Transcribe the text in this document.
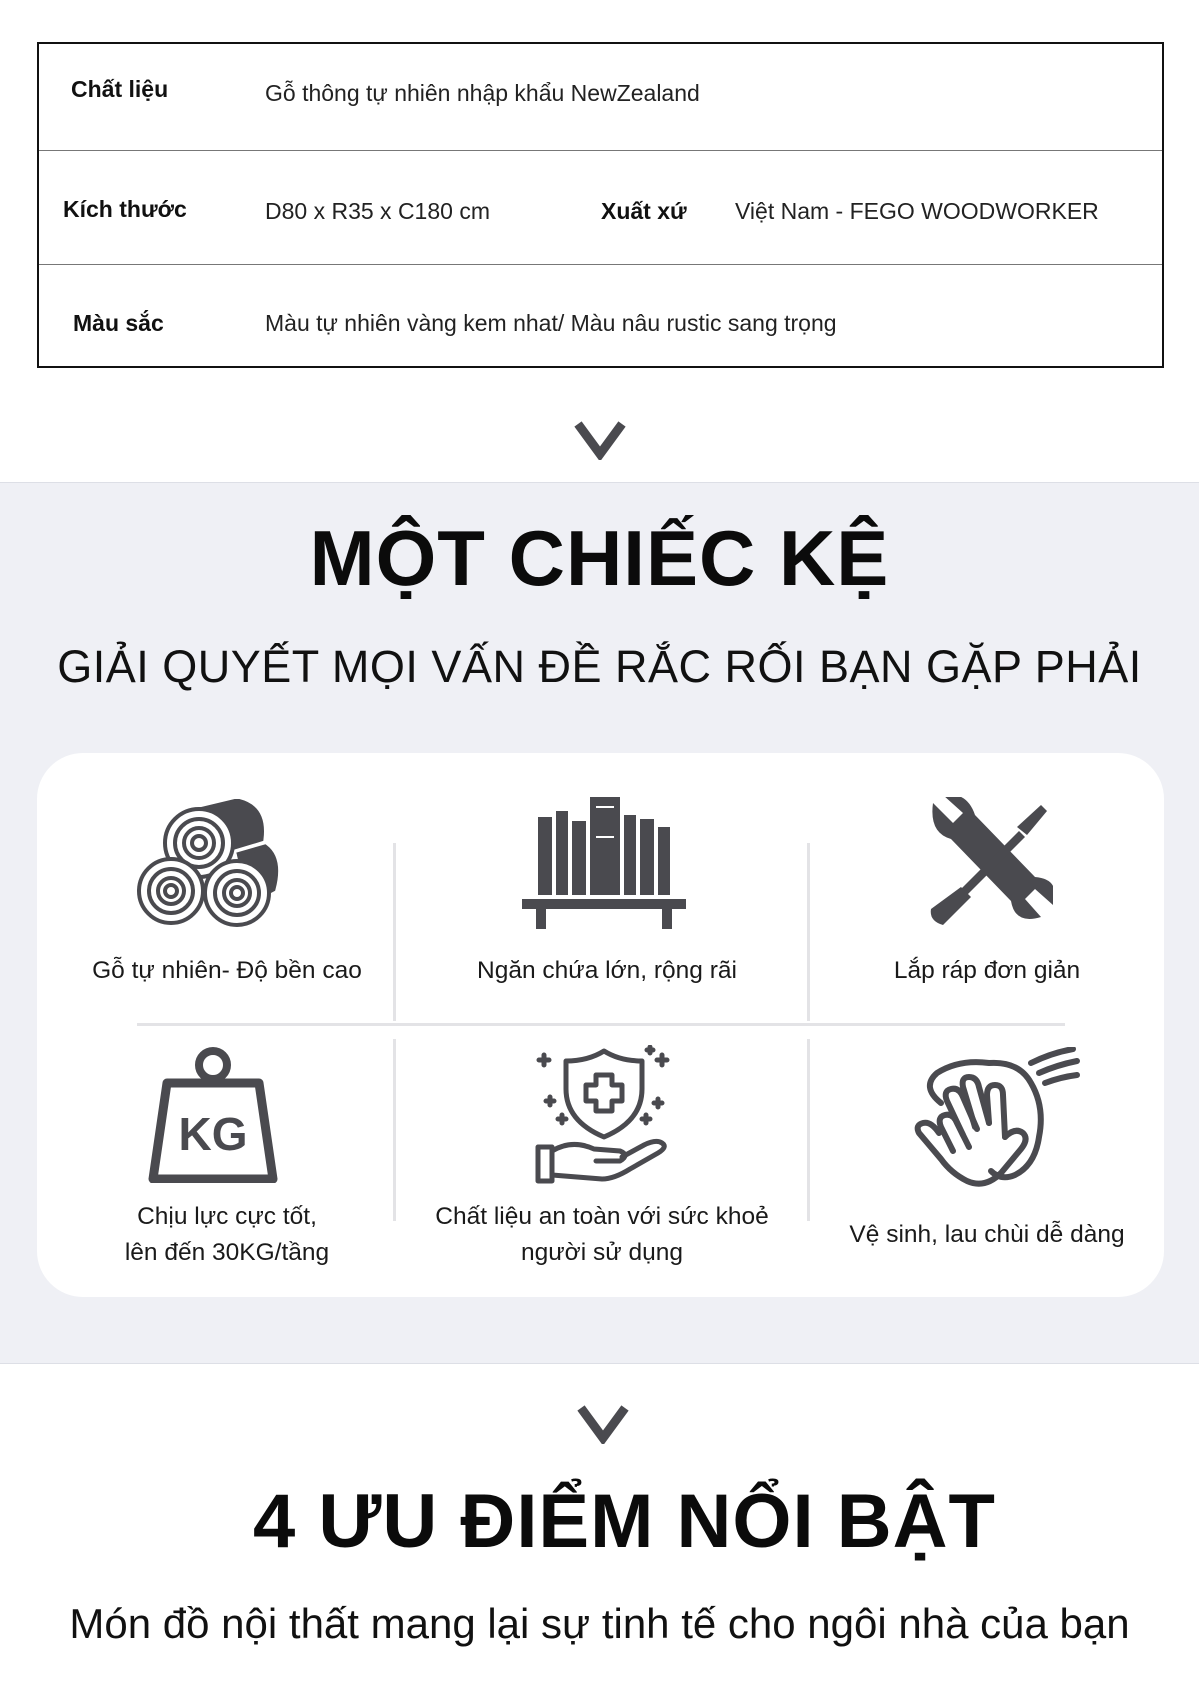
Chất liệu	Gỗ thông tự nhiên nhập khẩu NewZealand
Kích thước	D80 x R35 x C180 cm	Xuất xứ Việt Nam - FEGO WOODWORKER
Màu sắc	Màu tự nhiên vàng kem nhat/ Màu nâu rustic sang trọng
MỘT CHIẾC KỆ
GIẢI QUYẾT MỌI VẤN ĐỀ RẮC RỐI BẠN GẶP PHẢI
Gỗ tự nhiên- Độ bền cao	Ngăn chứa lớn, rộng rãi	Lắp ráp đơn giản
KG
Chịu lực cực tốt,
lên đến 30KG/tầng
Chất liệu an toàn với sức khoẻ
người sử dụng
Vệ sinh, lau chùi dễ dàng
4 ƯU ĐIỂM NỔI BẬT
Món đồ nội thất mang lại sự tinh tế cho ngôi nhà của bạn
